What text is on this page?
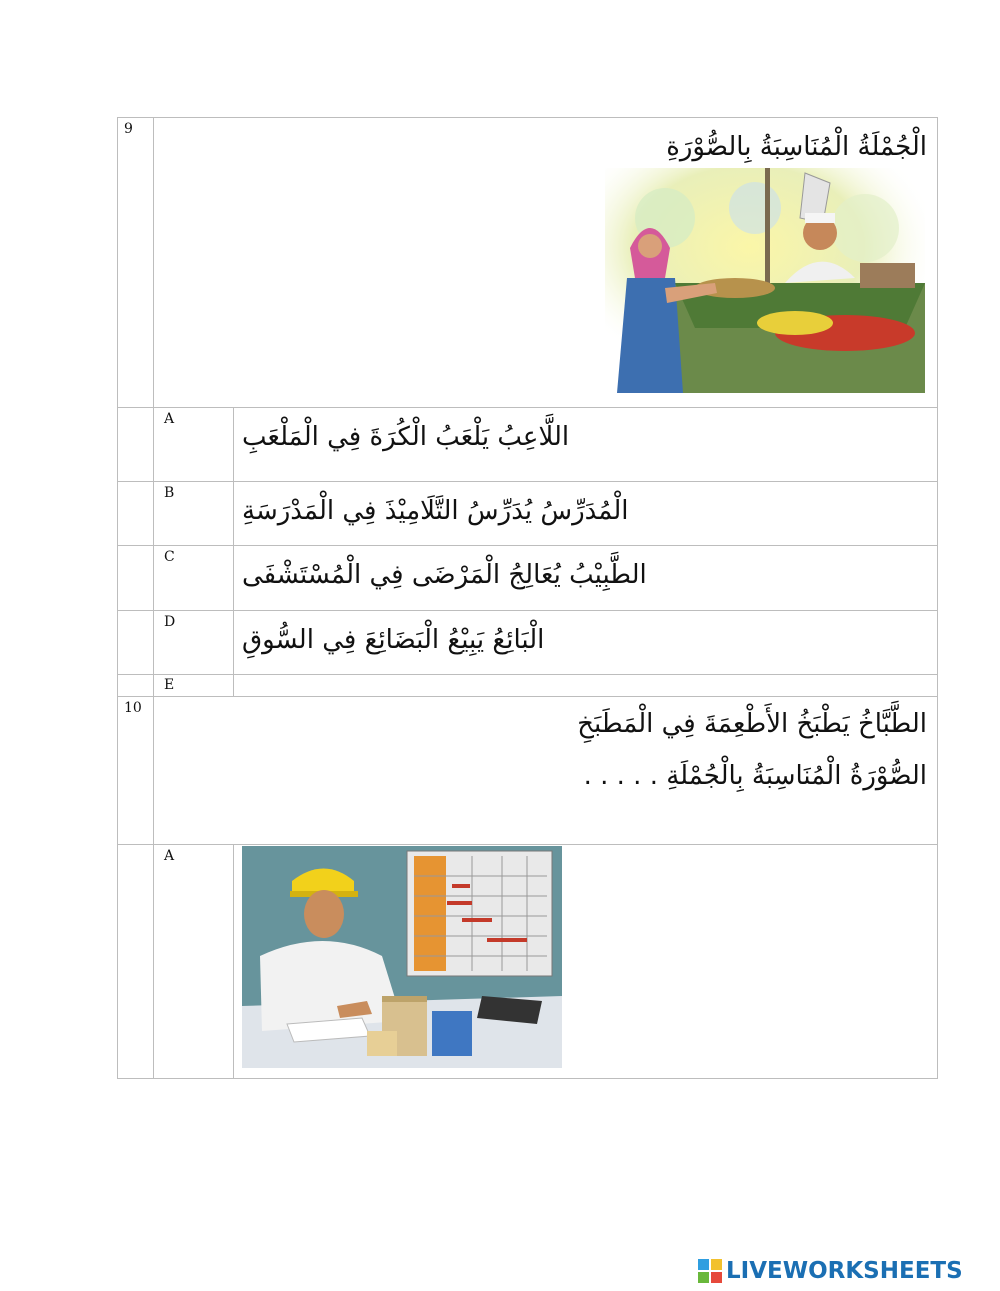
9	الْجُمْلَةُ الْمُنَاسِبَةُ بِالصُّوْرَةِ	

	A	اللَّاعِبُ يَلْعَبُ الْكُرَةَ فِي الْمَلْعَبِ
	B	الْمُدَرِّسُ يُدَرِّسُ التَّلَامِيْذَ فِي الْمَدْرَسَةِ
	C	الطَّبِيْبُ يُعَالِجُ الْمَرْضَى فِي الْمُسْتَشْفَى
	D	الْبَائِعُ يَبِيْعُ الْبَضَائِعَ فِي السُّوقِ
	E	
10	الطَّبَّاخُ يَطْبَخُ الأَطْعِمَةَ فِي الْمَطَبَخِ
الصُّوْرَةُ الْمُنَاسِبَةُ بِالْجُمْلَةِ . . . . .	

	A	
LIVEWORKSHEETS
